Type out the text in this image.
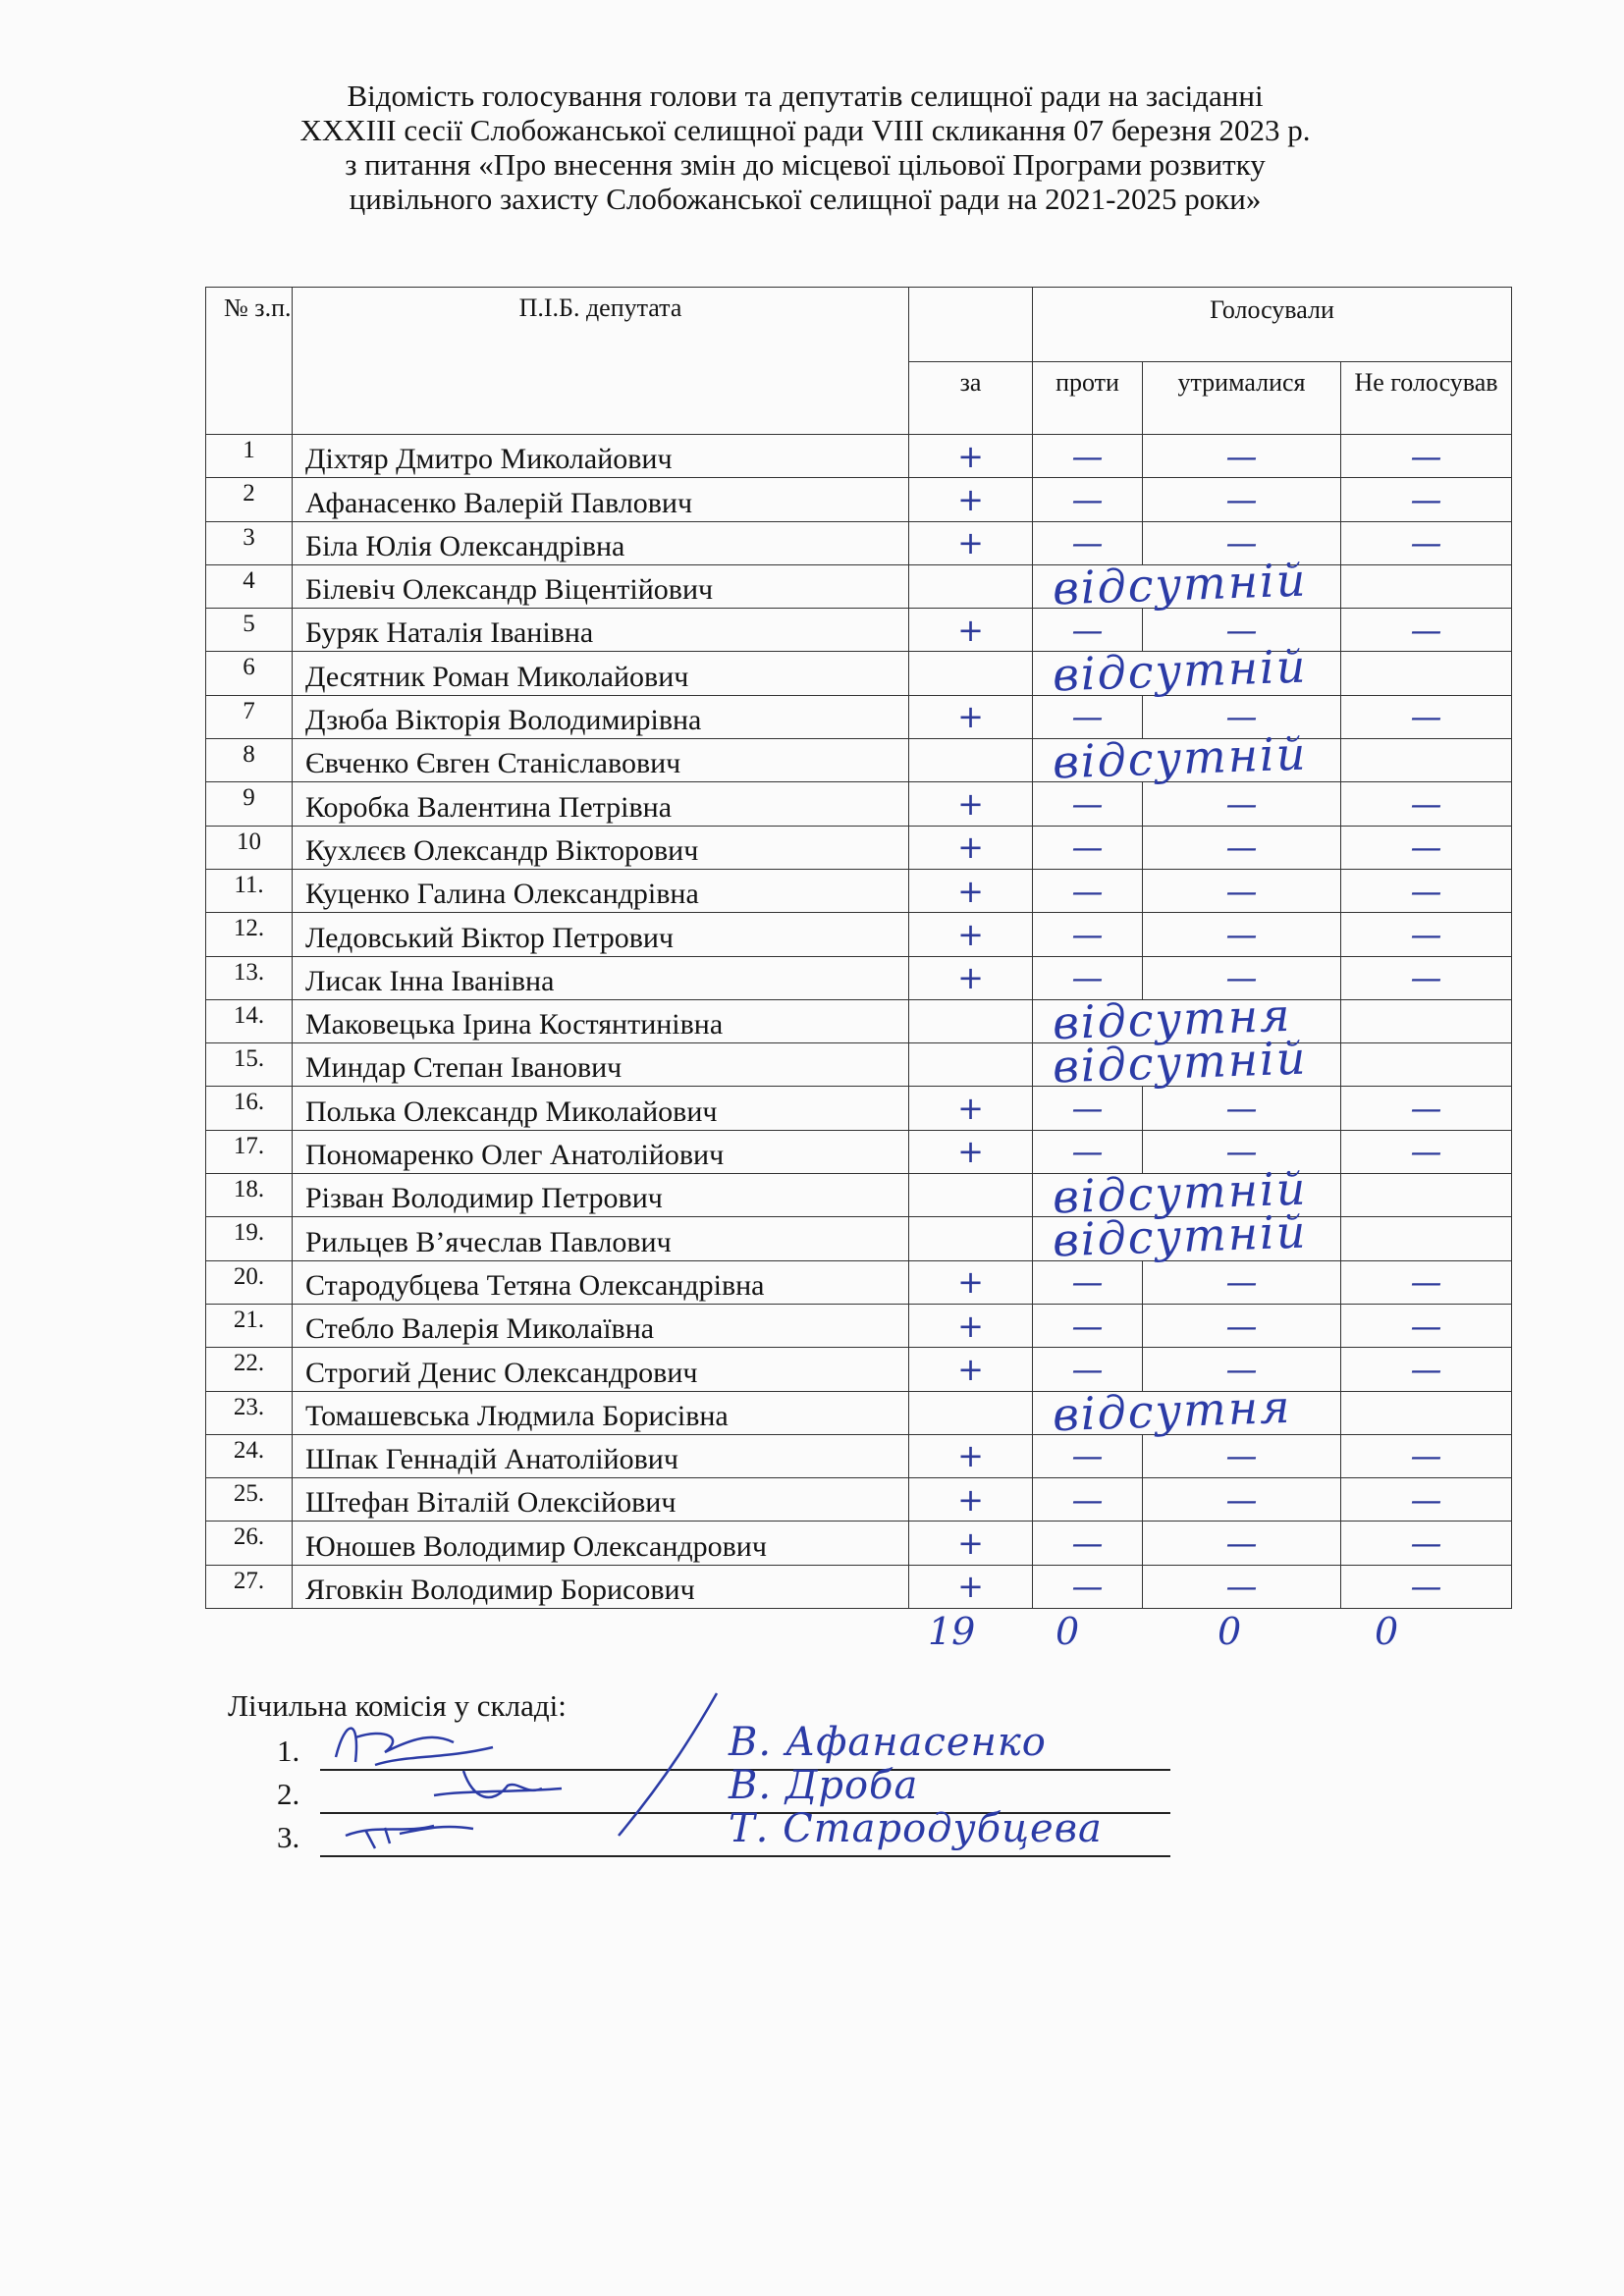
Відомість голосування голови та депутатів селищної ради на засіданні
XXXIII сесії Слобожанської селищної ради VIII скликання 07 березня 2023 р.
з питання «Про внесення змін до місцевої цільової Програми розвитку
цивільного захисту Слобожанської селищної ради на 2021-2025 роки»
№ з.п.	П.І.Б. депутата		Голосували		
		за	проти	утрималися	Не голосував
1	Діхтяр Дмитро Миколайович	+	—	—	—
2	Афанасенко Валерій Павлович	+	—	—	—
3	Біла Юлія Олександрівна	+	—	—	—
4	Білевіч Олександр Віцентійович		відсутній		

5	Буряк Наталія Іванівна	+	—	—	—
6	Десятник Роман Миколайович		відсутній		

7	Дзюба Вікторія Володимирівна	+	—	—	—
8	Євченко Євген Станіславович		відсутній		

9	Коробка Валентина Петрівна	+	—	—	—
10	Кухлєєв Олександр Вікторович	+	—	—	—
11.	Куценко Галина Олександрівна	+	—	—	—
12.	Ледовський Віктор Петрович	+	—	—	—
13.	Лисак Інна Іванівна	+	—	—	—
14.	Маковецька Ірина Костянтинівна		відсутня		

15.	Миндар Степан Іванович		відсутній		

16.	Полька Олександр Миколайович	+	—	—	—
17.	Пономаренко Олег Анатолійович	+	—	—	—
18.	Різван Володимир Петрович		відсутній		

19.	Рильцев В’ячеслав Павлович		відсутній		

20.	Стародубцева Тетяна Олександрівна	+	—	—	—
21.	Стебло Валерія Миколаївна	+	—	—	—
22.	Строгий Денис Олександрович	+	—	—	—
23.	Томашевська Людмила Борисівна		відсутня		

24.	Шпак Геннадій Анатолійович	+	—	—	—
25.	Штефан Віталій Олексійович	+	—	—	—
26.	Юношев Володимир Олександрович	+	—	—	—
27.	Яговкін Володимир Борисович	+	—	—	—
19 0	0	0
Лічильна комісія у складі:
1.	В. Афанасенко
2.	В. Дроба
3.	Т. Стародубцева
